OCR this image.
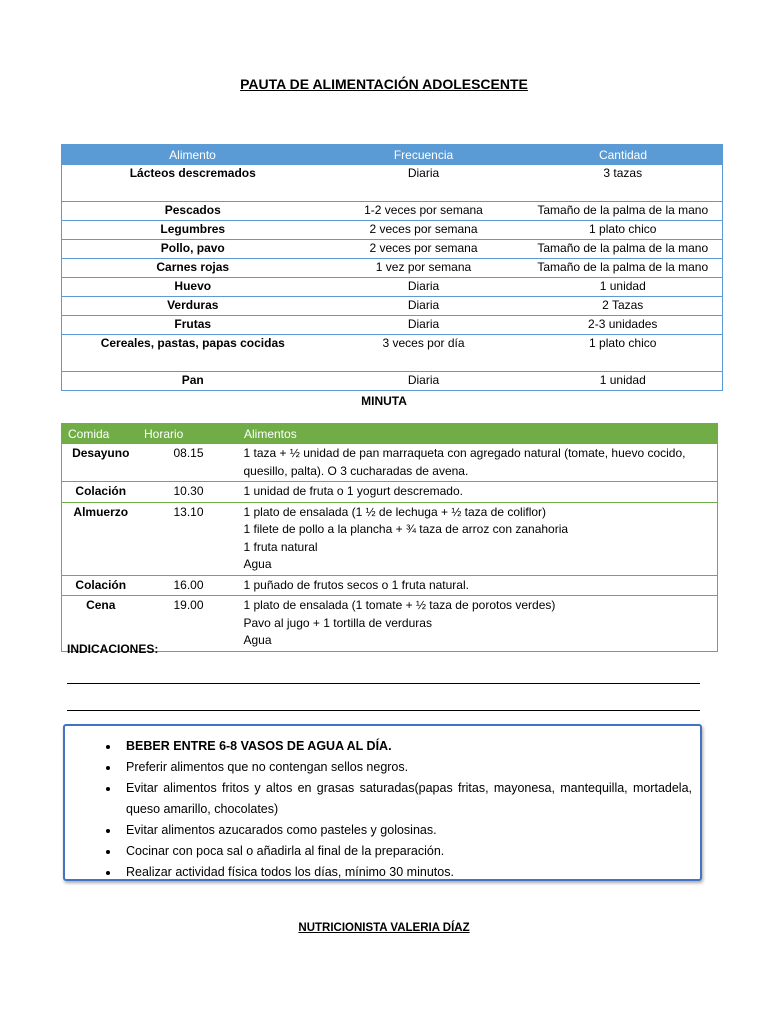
PAUTA DE ALIMENTACIÓN ADOLESCENTE
Alimento	Frecuencia	Cantidad
Lácteos descremados	Diaria	3 tazas
Pescados	1-2 veces por semana	Tamaño de la palma de la mano
Legumbres	2 veces por semana	1 plato chico
Pollo, pavo	2 veces por semana	Tamaño de la palma de la mano
Carnes rojas	1 vez por semana	Tamaño de la palma de la mano
Huevo	Diaria	1 unidad
Verduras	Diaria	2 Tazas
Frutas	Diaria	2-3 unidades
Cereales, pastas, papas cocidas	3 veces por día	1 plato chico
Pan	Diaria	1 unidad
MINUTA
Comida	Horario	Alimentos
Desayuno	08.15	1 taza + ½ unidad de pan marraqueta con agregado natural (tomate, huevo cocido, quesillo, palta). O 3 cucharadas de avena.

Colación	10.30	1 unidad de fruta o 1 yogurt descremado.

Almuerzo	13.10	1 plato de ensalada (1 ½ de lechuga + ½ taza de coliflor)
1 filete de pollo a la plancha + ¾ taza de arroz con zanahoria
1 fruta natural
Agua

Colación	16.00	1 puñado de frutos secos o 1 fruta natural.

Cena	19.00	1 plato de ensalada (1 tomate + ½ taza de porotos verdes)
Pavo al jugo + 1 tortilla de verduras
Agua
INDICACIONES:
• BEBER ENTRE 6-8 VASOS DE AGUA AL DÍA.
• Preferir alimentos que no contengan sellos negros.
• Evitar alimentos fritos y altos en grasas saturadas(papas fritas, mayonesa, mantequilla, mortadela, queso amarillo, chocolates)
• Evitar alimentos azucarados como pasteles y golosinas.
• Cocinar con poca sal o añadirla al final de la preparación.
• Realizar actividad física todos los días, mínimo 30 minutos.
NUTRICIONISTA VALERIA DÍAZ
